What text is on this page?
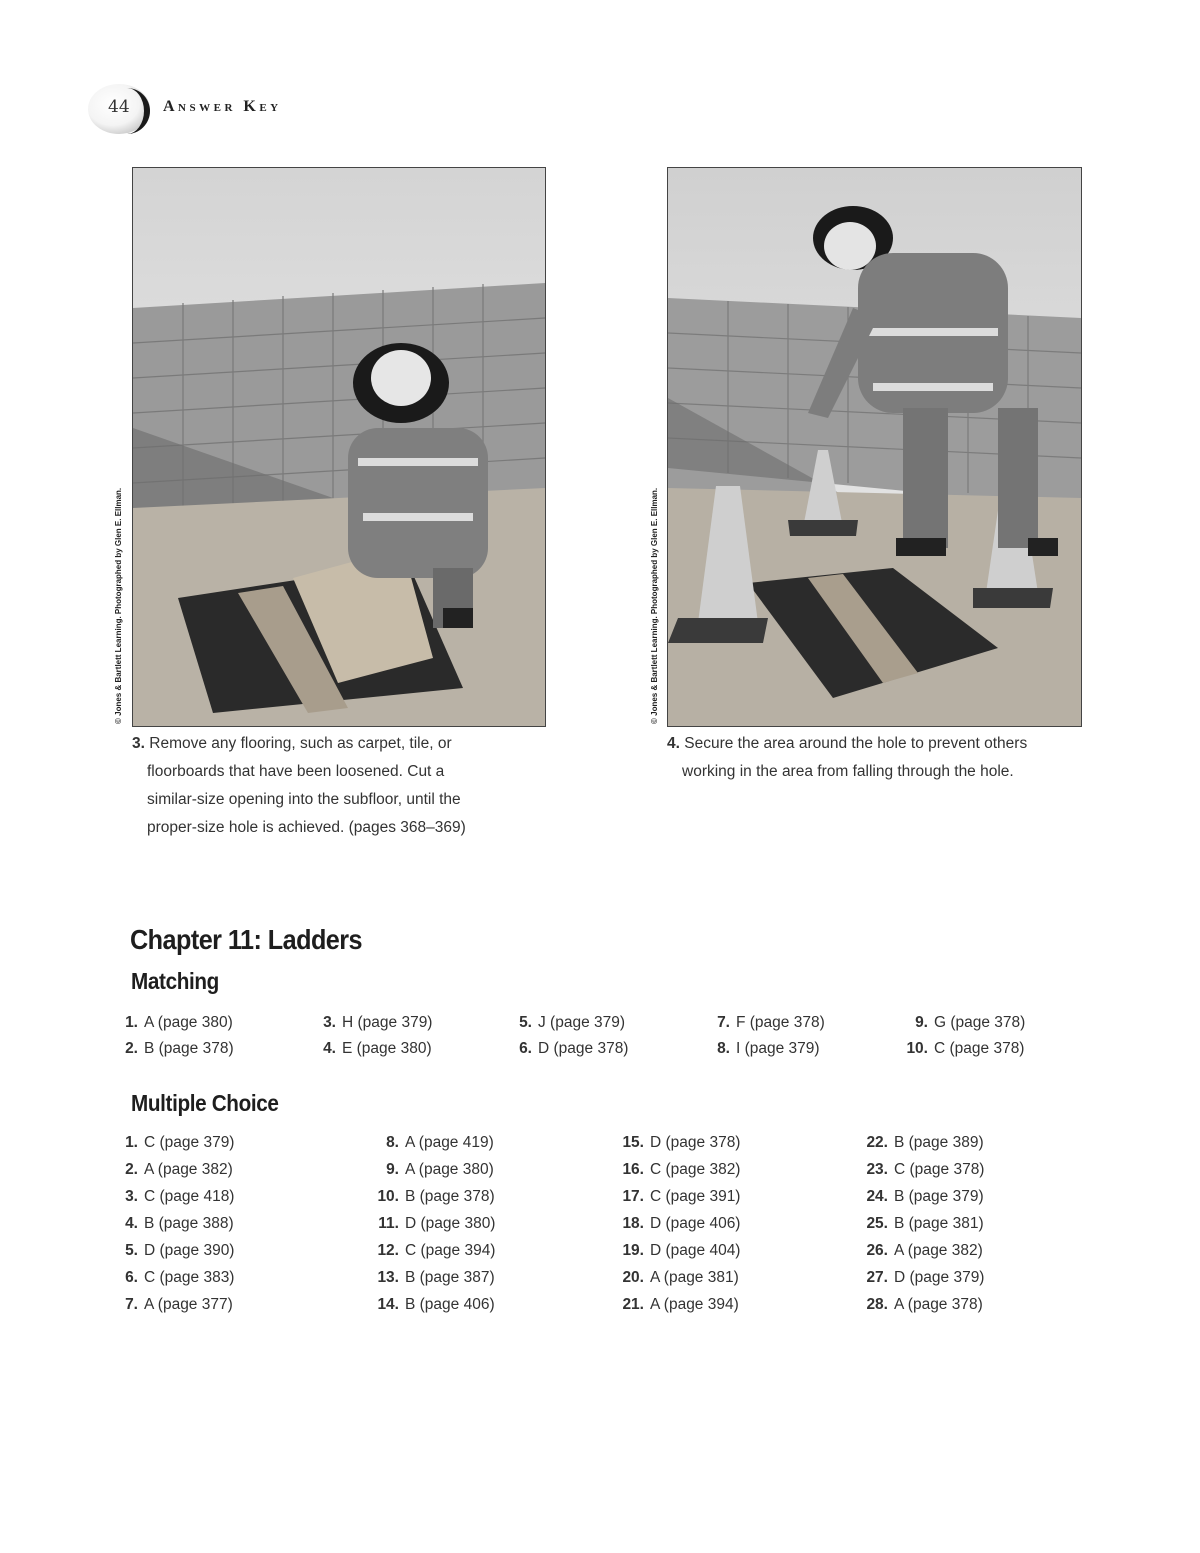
44 Answer Key
© Jones & Bartlett Learning. Photographed by Glen E. Ellman.	© Jones & Bartlett Learning. Photographed by Glen E. Ellman.
3. Remove any flooring, such as carpet, tile, or
floorboards that have been loosened. Cut a
similar-size opening into the subfloor, until the
proper-size hole is achieved. (pages 368–369)
4. Secure the area around the hole to prevent others
working in the area from falling through the hole.
Chapter 11: Ladders
Matching
Multiple Choice
1. A (page 380)
2. B (page 378)
3. H (page 379)
4. E (page 380)
5. J (page 379)
6. D (page 378)
7. F (page 378)
8. I (page 379)
9. G (page 378)
10. C (page 378)
1. C (page 379)
2. A (page 382)
3. C (page 418)
4. B (page 388)
5. D (page 390)
6. C (page 383)
7. A (page 377)
8. A (page 419)
9. A (page 380)
10. B (page 378)
11. D (page 380)
12. C (page 394)
13. B (page 387)
14. B (page 406)
15. D (page 378)
16. C (page 382)
17. C (page 391)
18. D (page 406)
19. D (page 404)
20. A (page 381)
21. A (page 394)
22. B (page 389)
23. C (page 378)
24. B (page 379)
25. B (page 381)
26. A (page 382)
27. D (page 379)
28. A (page 378)
